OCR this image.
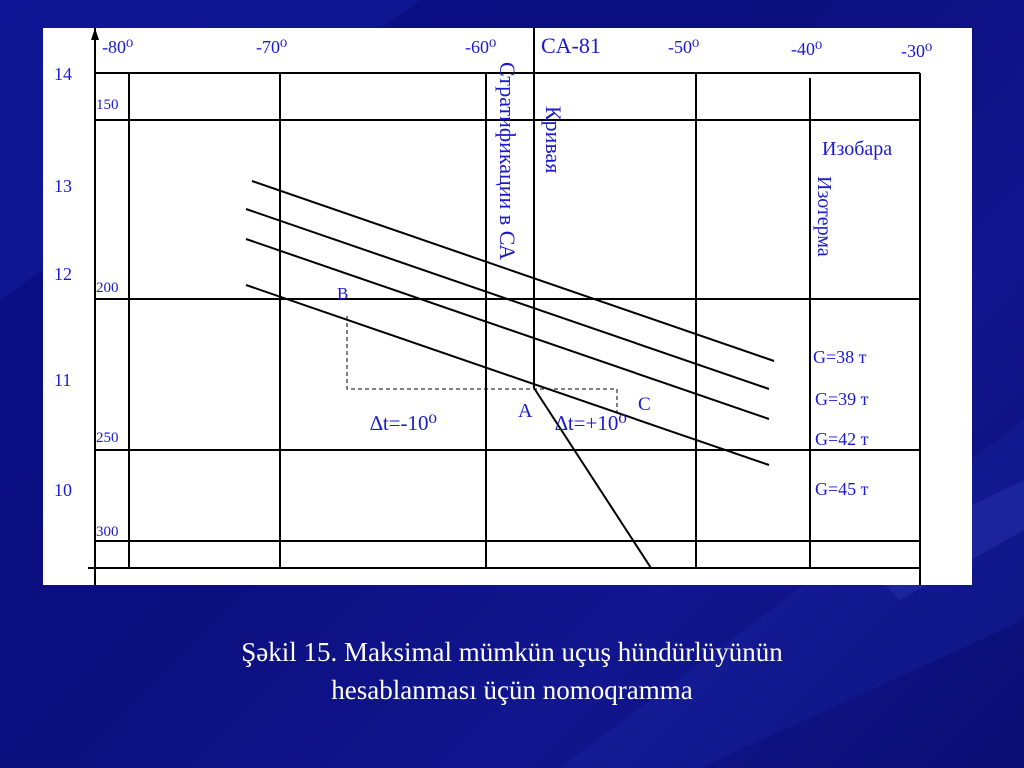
-80⁰	-70⁰	-60⁰	-50⁰	-40⁰	-30⁰
14
13
12
11
10
150
200
250
300
G=38 т
G=39 т
G=42 т
G=45 т
CA-81
Стратификации в СА Кривая	Изобара
Изотерма
B
A	C
∆t=-10⁰	∆t=+10⁰
Şəkil 15. Maksimal mümkün uçuş hündürlüyünün
hesablanması üçün nomoqramma
